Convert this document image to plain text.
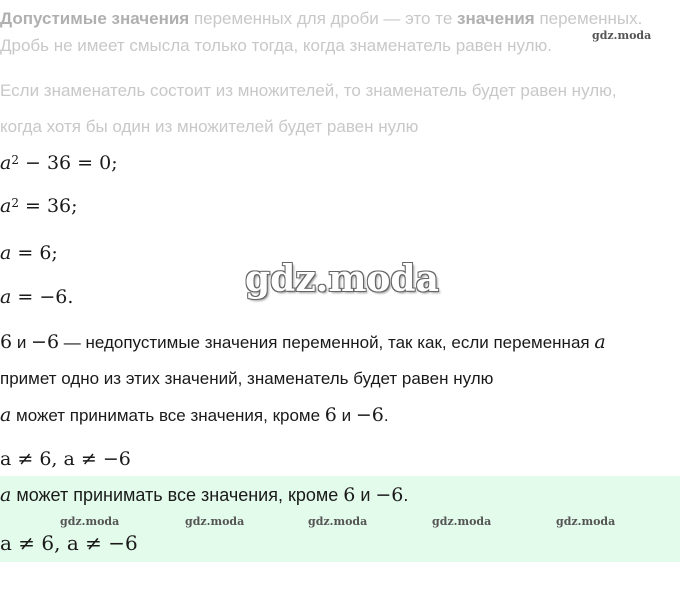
Допустимые значения переменных для дроби — это те значения переменных.
Дробь не имеет смысла только тогда, когда знаменатель равен нулю.
Если знаменатель состоит из множителей, то знаменатель будет равен нулю,
когда хотя бы один из множителей будет равен нулю
gdz.moda
$a^2 - 36 = 0$;
$a^2 = 36$;
a = 6;
a = −6.	gdz.moda
6 и −6 — недопустимые значения переменной, так как, если переменная a
примет одно из этих значений, знаменатель будет равен нулю
a может принимать все значения, кроме 6 и −6.
a ≠ 6, a ≠ −6
a может принимать все значения, кроме 6 и −6.
gdz.moda	gdz.moda	gdz.moda	gdz.moda	gdz.moda
a ≠ 6, a ≠ −6
